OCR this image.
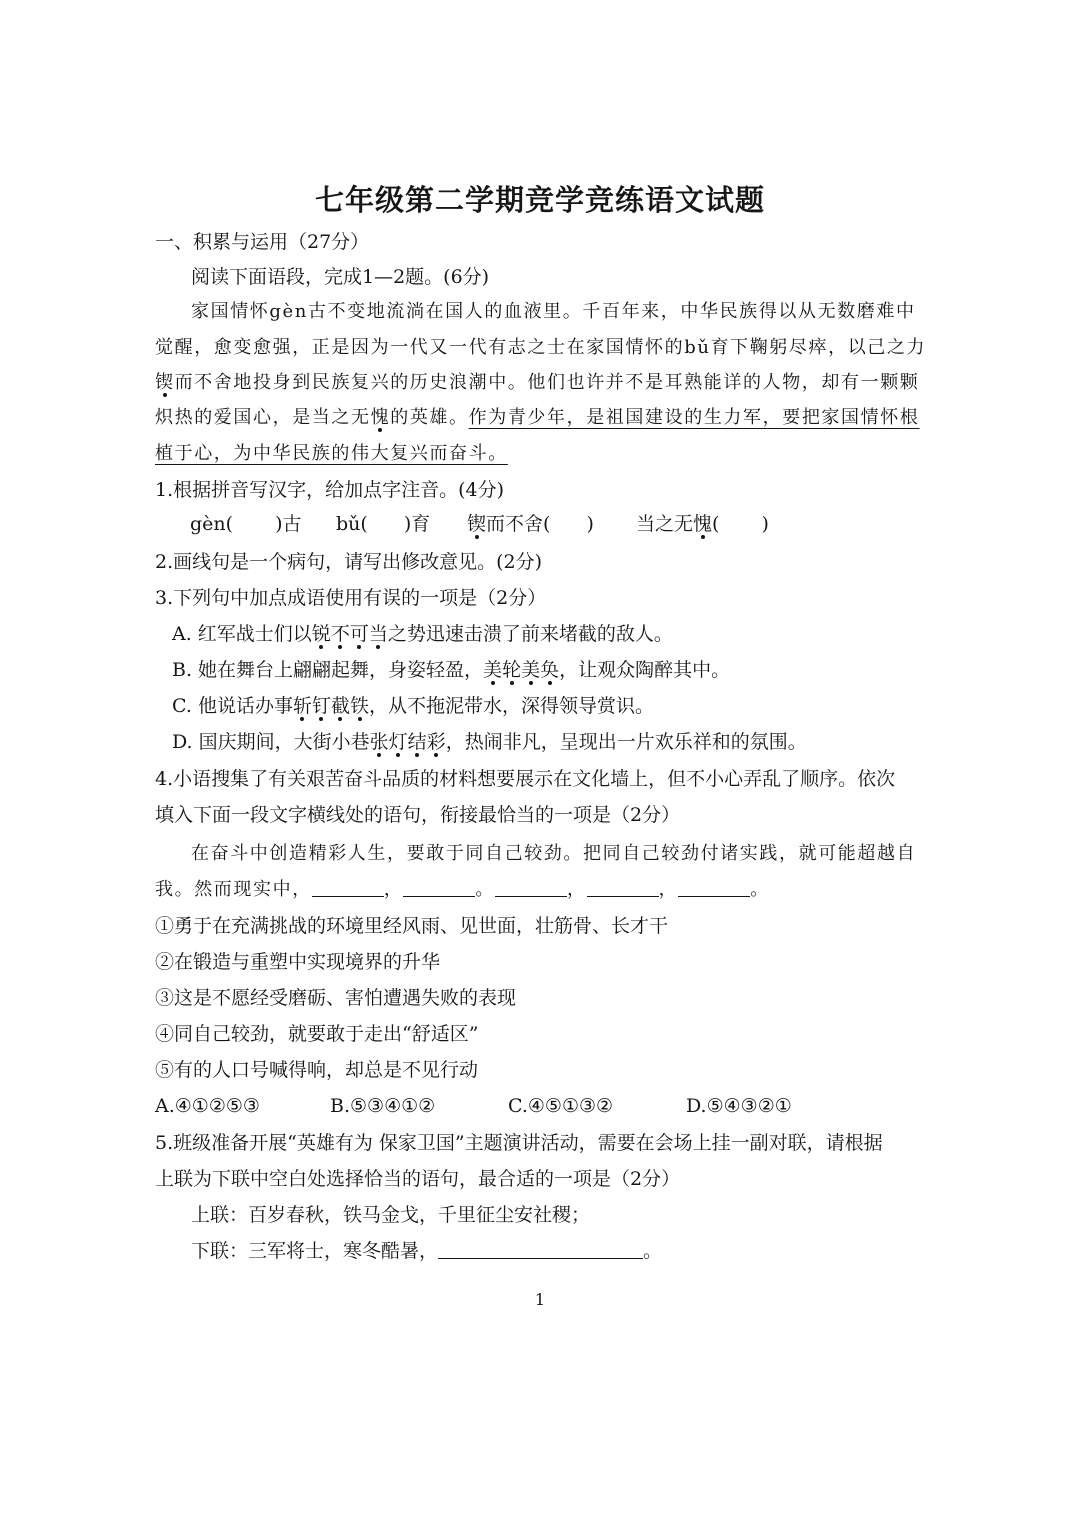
七年级第二学期竞学竞练语文试题
一、积累与运用（27分）
阅读下面语段，完成1—2题。(6分)
家国情怀gèn古不变地流淌在国人的血液里。千百年来，中华民族得以从无数磨难中
觉醒，愈变愈强，正是因为一代又一代有志之士在家国情怀的bǔ育下鞠躬尽瘁，以己之力
锲而不舍地投身到民族复兴的历史浪潮中。他们也许并不是耳熟能详的人物，却有一颗颗
炽热的爱国心，是当之无愧的英雄。作为青少年，是祖国建设的生力军，要把家国情怀根
植于心，为中华民族的伟大复兴而奋斗。
1.根据拼音写汉字，给加点字注音。(4分)
gèn( )古 bǔ( )育 锲而不舍( ) 当之无愧( )
2.画线句是一个病句，请写出修改意见。(2分)
3.下列句中加点成语使用有误的一项是（2分）
A. 红军战士们以锐不可当之势迅速击溃了前来堵截的敌人。
B. 她在舞台上翩翩起舞，身姿轻盈，美轮美奂，让观众陶醉其中。
C. 他说话办事斩钉截铁，从不拖泥带水，深得领导赏识。
D. 国庆期间，大街小巷张灯结彩，热闹非凡，呈现出一片欢乐祥和的氛围。
4.小语搜集了有关艰苦奋斗品质的材料想要展示在文化墙上，但不小心弄乱了顺序。依次
填入下面一段文字横线处的语句，衔接最恰当的一项是（2分）
在奋斗中创造精彩人生，要敢于同自己较劲。把同自己较劲付诸实践，就可能超越自
我。然而现实中，	，	。	，	，	。
①勇于在充满挑战的环境里经风雨、见世面，壮筋骨、长才干
②在锻造与重塑中实现境界的升华
③这是不愿经受磨砺、害怕遭遇失败的表现
④同自己较劲，就要敢于走出“舒适区”
⑤有的人口号喊得响，却总是不见行动
A.④①②⑤③	B.⑤③④①②	C.④⑤①③②	D.⑤④③②①
5.班级准备开展“英雄有为 保家卫国”主题演讲活动，需要在会场上挂一副对联，请根据
上联为下联中空白处选择恰当的语句，最合适的一项是（2分）
上联：百岁春秋，铁马金戈，千里征尘安社稷；
下联：三军将士，寒冬酷暑，	。
1
